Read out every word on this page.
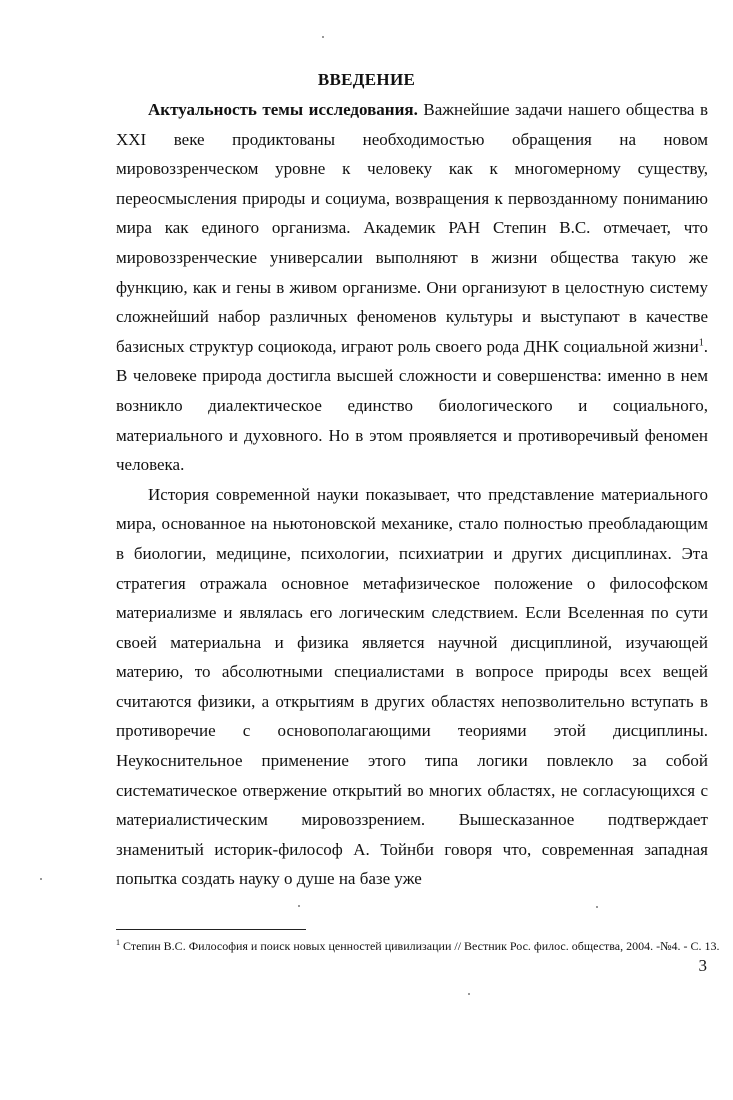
ВВЕДЕНИЕ

Актуальность темы исследования. Важнейшие задачи нашего общества в XXI веке продиктованы необходимостью обращения на новом мировоззренческом уровне к человеку как к многомерному существу, переосмысления природы и социума, возвращения к первозданному пониманию мира как единого организма. Академик РАН Степин В.С. отмечает, что мировоззренческие универсалии выполняют в жизни общества такую же функцию, как и гены в живом организме. Они организуют в целостную систему сложнейший набор различных феноменов культуры и выступают в качестве базисных структур социокода, играют роль своего рода ДНК социальной жизни$^1$. В человеке природа достигла высшей сложности и совершенства: именно в нем возникло диалектическое единство биологического и социального, материального и духовного. Но в этом проявляется и противоречивый феномен человека.

История современной науки показывает, что представление материального мира, основанное на ньютоновской механике, стало полностью преобладающим в биологии, медицине, психологии, психиатрии и других дисциплинах. Эта стратегия отражала основное метафизическое положение о философском материализме и являлась его логическим следствием. Если Вселенная по сути своей материальна и физика является научной дисциплиной, изучающей материю, то абсолютными специалистами в вопросе природы всех вещей считаются физики, а открытиям в других областях непозволительно вступать в противоречие с основополагающими теориями этой дисциплины. Неукоснительное применение этого типа логики повлекло за собой систематическое отвержение открытий во многих областях, не согласующихся с материалистическим мировоззрением. Вышесказанное подтверждает знаменитый историк-философ А. Тойнби говоря что, современная западная попытка создать науку о душе на базе уже

$^1$ Степин В.С. Философия и поиск новых ценностей цивилизации // Вестник Рос. филос. общества, 2004. -№4. - С. 13.
3
